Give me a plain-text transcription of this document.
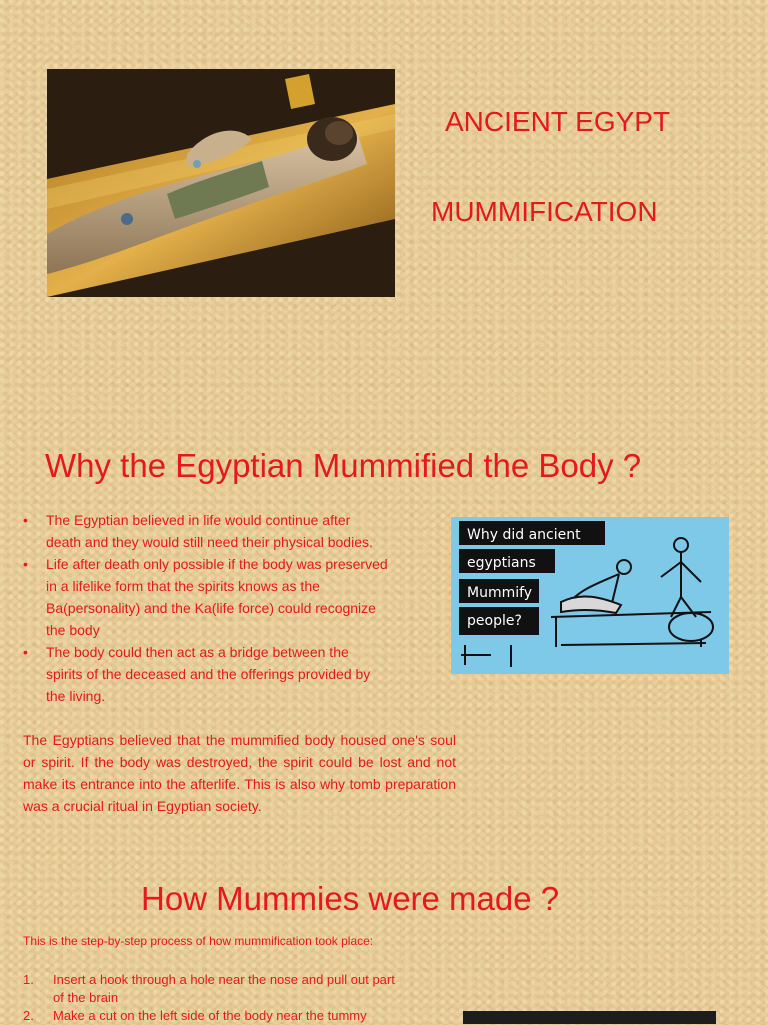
ANCIENT EGYPT
MUMMIFICATION
Why the Egyptian Mummified the Body ?
• The Egyptian believed in life would continue after
death and they would still need their physical bodies.
• Life after death only possible if the body was preserved
in a lifelike form that the spirits knows as the
Ba(personality) and the Ka(life force) could recognize
the body
• The body could then act as a bridge between the
spirits of the deceased and the offerings provided by
the living.
Why did ancient
egyptians
Mummify
people?
The Egyptians believed that the mummified body housed one's soul or spirit. If the body was destroyed, the spirit could be lost and not make its entrance into the afterlife. This is also why tomb preparation was a crucial ritual in Egyptian society.
How Mummies were made ?
This is the step-by-step process of how mummification took place:
1. Insert a hook through a hole near the nose and pull out part
of the brain
2. Make a cut on the left side of the body near the tummy
